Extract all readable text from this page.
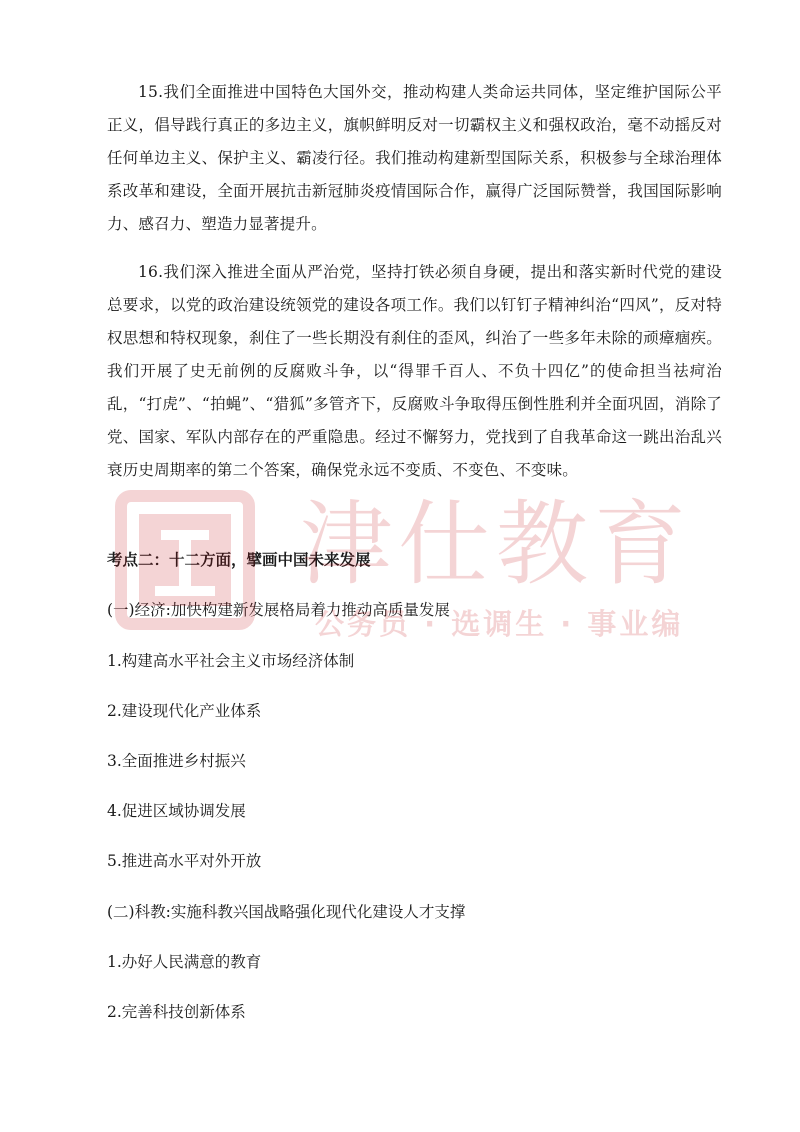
15.我们全面推进中国特色大国外交，推动构建人类命运共同体，坚定维护国际公平正义，倡导践行真正的多边主义，旗帜鲜明反对一切霸权主义和强权政治，毫不动摇反对任何单边主义、保护主义、霸凌行径。我们推动构建新型国际关系，积极参与全球治理体系改革和建设，全面开展抗击新冠肺炎疫情国际合作，赢得广泛国际赞誉，我国国际影响力、感召力、塑造力显著提升。

16.我们深入推进全面从严治党，坚持打铁必须自身硬，提出和落实新时代党的建设总要求，以党的政治建设统领党的建设各项工作。我们以钉钉子精神纠治“四风”，反对特权思想和特权现象，刹住了一些长期没有刹住的歪风，纠治了一些多年未除的顽瘴痼疾。我们开展了史无前例的反腐败斗争，以“得罪千百人、不负十四亿”的使命担当祛疴治乱，“打虎”、“拍蝇”、“猎狐”多管齐下，反腐败斗争取得压倒性胜利并全面巩固，消除了党、国家、军队内部存在的严重隐患。经过不懈努力，党找到了自我革命这一跳出治乱兴衰历史周期率的第二个答案，确保党永远不变质、不变色、不变味。

考点二：十二方面，擘画中国未来发展

(一)经济:加快构建新发展格局着力推动高质量发展

1.构建高水平社会主义市场经济体制

2.建设现代化产业体系

3.全面推进乡村振兴

4.促进区域协调发展

5.推进高水平对外开放

(二)科教:实施科教兴国战略强化现代化建设人才支撑

1.办好人民满意的教育

2.完善科技创新体系

津仕教育
公务员 · 选调生 · 事业编
